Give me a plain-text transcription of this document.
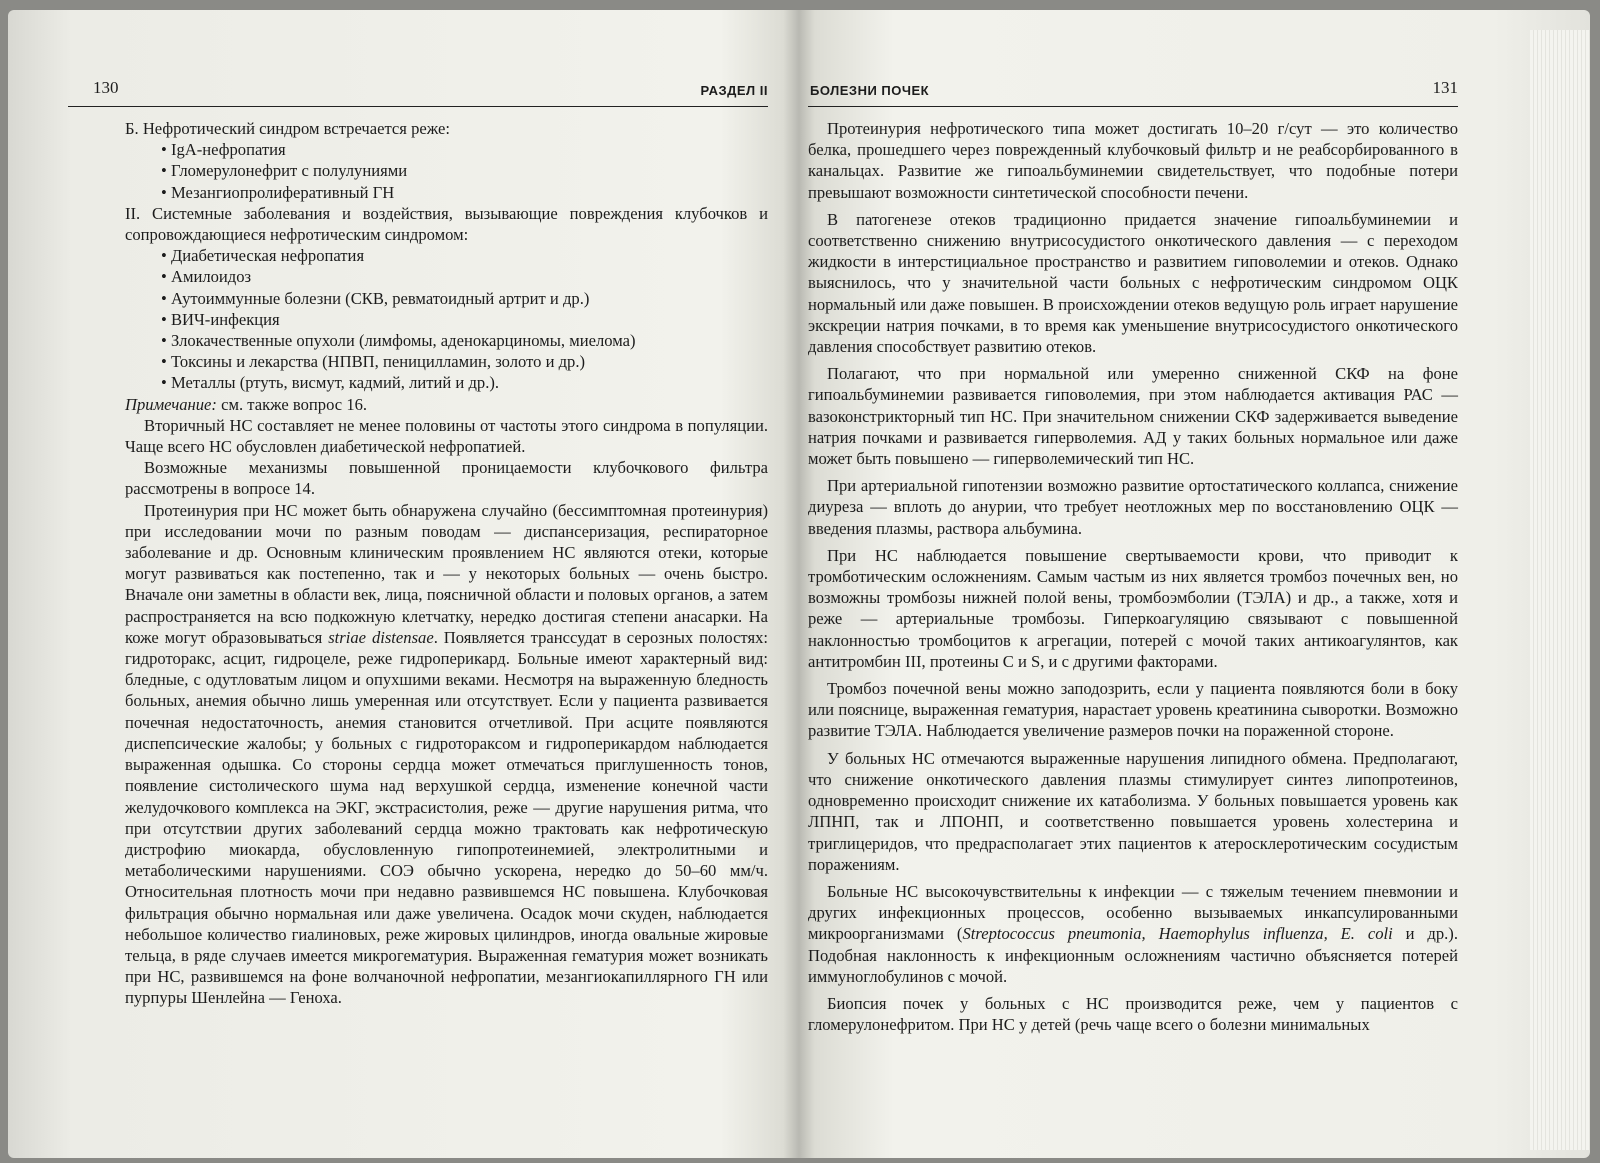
130	РАЗДЕЛ II

Б. Нефротический синдром встречается реже:

• IgA-нефропатия

• Гломерулонефрит с полулуниями

• Мезангиопролиферативный ГН

II. Системные заболевания и воздействия, вызывающие повреждения клубочков и сопровождающиеся нефротическим синдромом:

• Диабетическая нефропатия

• Амилоидоз

• Аутоиммунные болезни (СКВ, ревматоидный артрит и др.)

• ВИЧ-инфекция

• Злокачественные опухоли (лимфомы, аденокарциномы, миелома)

• Токсины и лекарства (НПВП, пеницилламин, золото и др.)

• Металлы (ртуть, висмут, кадмий, литий и др.).

Примечание: см. также вопрос 16.

Вторичный НС составляет не менее половины от частоты этого синдрома в популяции. Чаще всего НС обусловлен диабетической нефропатией.

Возможные механизмы повышенной проницаемости клубочкового фильтра рассмотрены в вопросе 14.

Протеинурия при НС может быть обнаружена случайно (бессимптомная протеинурия) при исследовании мочи по разным поводам — диспансеризация, респираторное заболевание и др. Основным клиническим проявлением НС являются отеки, которые могут развиваться как постепенно, так и — у некоторых больных — очень быстро. Вначале они заметны в области век, лица, поясничной области и половых органов, а затем распространяется на всю подкожную клетчатку, нередко достигая степени анасарки. На коже могут образовываться striae distensae. Появляется транссудат в серозных полостях: гидроторакс, асцит, гидроцеле, реже гидроперикард. Больные имеют характерный вид: бледные, с одутловатым лицом и опухшими веками. Несмотря на выраженную бледность больных, анемия обычно лишь умеренная или отсутствует. Если у пациента развивается почечная недостаточность, анемия становится отчетливой. При асците появляются диспепсические жалобы; у больных с гидротораксом и гидроперикардом наблюдается выраженная одышка. Со стороны сердца может отмечаться приглушенность тонов, появление систолического шума над верхушкой сердца, изменение конечной части желудочкового комплекса на ЭКГ, экстрасистолия, реже — другие нарушения ритма, что при отсутствии других заболеваний сердца можно трактовать как нефротическую дистрофию миокарда, обусловленную гипопротеинемией, электролитными и метаболическими нарушениями. СОЭ обычно ускорена, нередко до 50–60 мм/ч. Относительная плотность мочи при недавно развившемся НС повышена. Клубочковая фильтрация обычно нормальная или даже увеличена. Осадок мочи скуден, наблюдается небольшое количество гиалиновых, реже жировых цилиндров, иногда овальные жировые тельца, в ряде случаев имеется микрогематурия. Выраженная гематурия может возникать при НС, развившемся на фоне волчаночной нефропатии, мезангиокапиллярного ГН или пурпуры Шенлейна — Геноха.

БОЛЕЗНИ ПОЧЕК	131

Протеинурия нефротического типа может достигать 10–20 г/сут — это количество белка, прошедшего через поврежденный клубочковый фильтр и не реабсорбированного в канальцах. Развитие же гипоальбуминемии свидетельствует, что подобные потери превышают возможности синтетической способности печени.

В патогенезе отеков традиционно придается значение гипоальбуминемии и соответственно снижению внутрисосудистого онкотического давления — с переходом жидкости в интерстициальное пространство и развитием гиповолемии и отеков. Однако выяснилось, что у значительной части больных с нефротическим синдромом ОЦК нормальный или даже повышен. В происхождении отеков ведущую роль играет нарушение экскреции натрия почками, в то время как уменьшение внутрисосудистого онкотического давления способствует развитию отеков.

Полагают, что при нормальной или умеренно сниженной СКФ на фоне гипоальбуминемии развивается гиповолемия, при этом наблюдается активация РАС — вазоконстрикторный тип НС. При значительном снижении СКФ задерживается выведение натрия почками и развивается гиперволемия. АД у таких больных нормальное или даже может быть повышено — гиперволемический тип НС.

При артериальной гипотензии возможно развитие ортостатического коллапса, снижение диуреза — вплоть до анурии, что требует неотложных мер по восстановлению ОЦК — введения плазмы, раствора альбумина.

При НС наблюдается повышение свертываемости крови, что приводит к тромботическим осложнениям. Самым частым из них является тромбоз почечных вен, но возможны тромбозы нижней полой вены, тромбоэмболии (ТЭЛА) и др., а также, хотя и реже — артериальные тромбозы. Гиперкоагуляцию связывают с повышенной наклонностью тромбоцитов к агрегации, потерей с мочой таких антикоагулянтов, как антитромбин III, протеины C и S, и с другими факторами.

Тромбоз почечной вены можно заподозрить, если у пациента появляются боли в боку или пояснице, выраженная гематурия, нарастает уровень креатинина сыворотки. Возможно развитие ТЭЛА. Наблюдается увеличение размеров почки на пораженной стороне.

У больных НС отмечаются выраженные нарушения липидного обмена. Предполагают, что снижение онкотического давления плазмы стимулирует синтез липопротеинов, одновременно происходит снижение их катаболизма. У больных повышается уровень как ЛПНП, так и ЛПОНП, и соответственно повышается уровень холестерина и триглицеридов, что предрасполагает этих пациентов к атеросклеротическим сосудистым поражениям.

Больные НС высокочувствительны к инфекции — с тяжелым течением пневмонии и других инфекционных процессов, особенно вызываемых инкапсулированными микроорганизмами (Streptococcus pneumonia, Haemophylus influenza, E. coli и др.). Подобная наклонность к инфекционным осложнениям частично объясняется потерей иммуноглобулинов с мочой.

Биопсия почек у больных с НС производится реже, чем у пациентов с гломерулонефритом. При НС у детей (речь чаще всего о болезни минимальных
